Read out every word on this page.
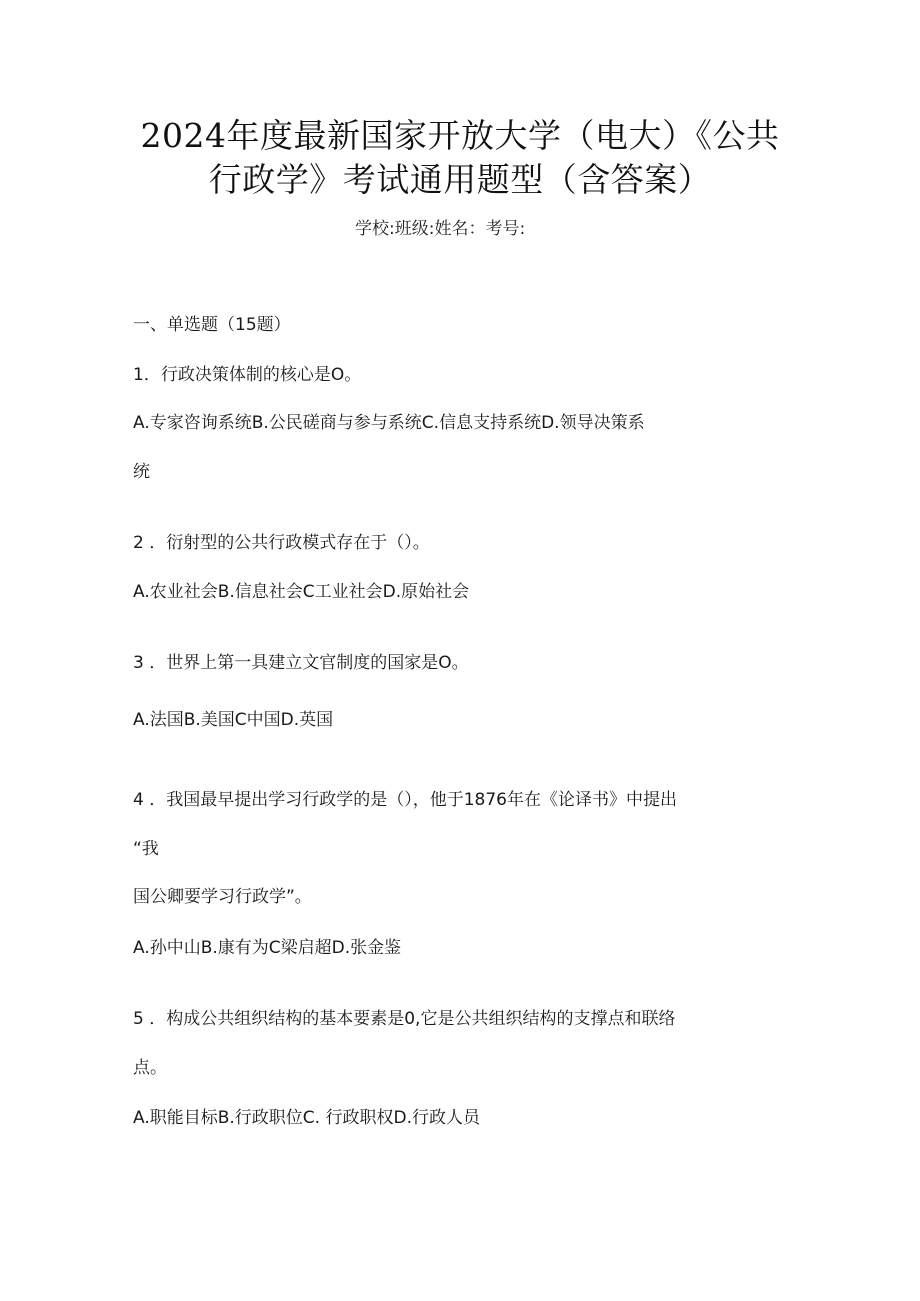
2024年度最新国家开放大学（电大）《公共
行政学》考试通用题型（含答案）
学校:班级:姓名：考号:
一、单选题（15题）
1．行政决策体制的核心是O。
A.专家咨询系统B.公民磋商与参与系统C.信息支持系统D.领导决策系
统
2 ．衍射型的公共行政模式存在于（）。
A.农业社会B.信息社会C工业社会D.原始社会
3 ．世界上第一具建立文官制度的国家是O。
A.法国B.美国C中国D.英国
4 ．我国最早提出学习行政学的是（），他于1876年在《论译书》中提出
“我
国公卿要学习行政学”。
A.孙中山B.康有为C梁启超D.张金鉴
5 ．构成公共组织结构的基本要素是0,它是公共组织结构的支撑点和联络
点。
A.职能目标B.行政职位C. 行政职权D.行政人员
